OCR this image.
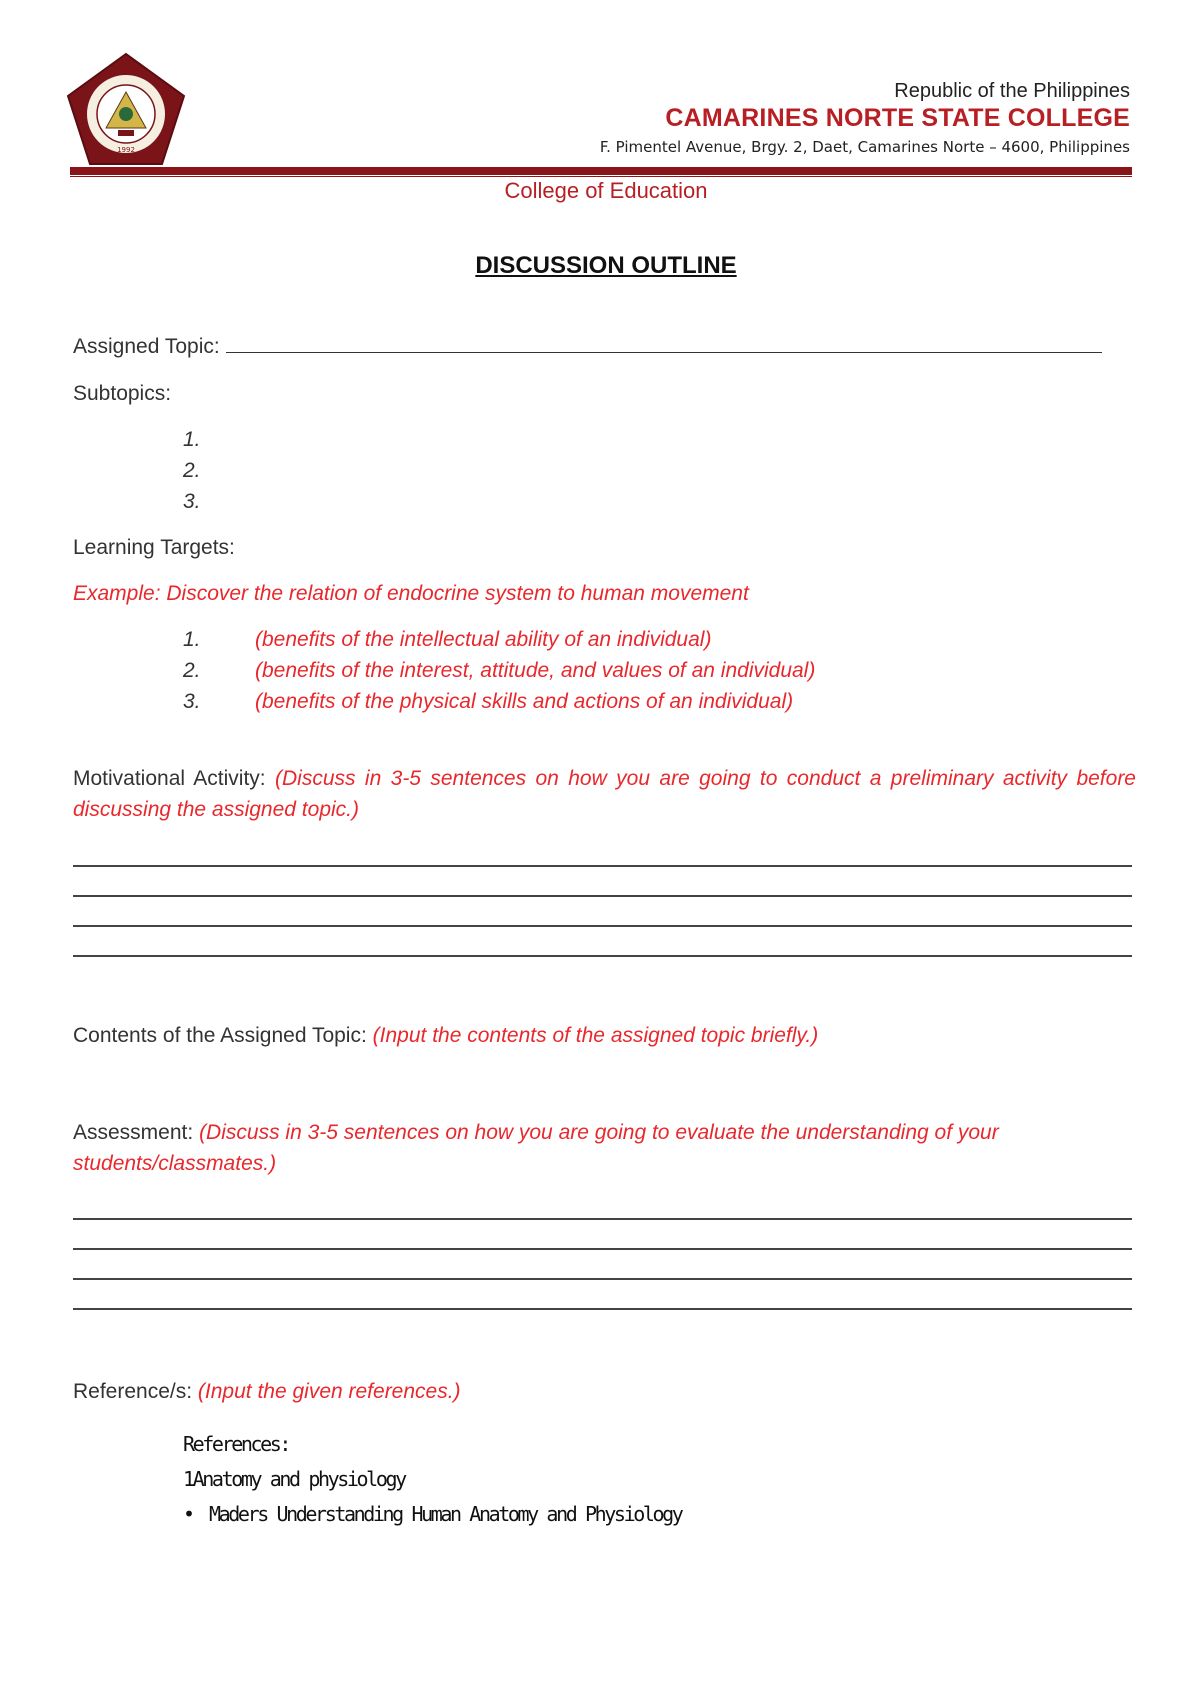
1992
Republic of the Philippines
CAMARINES NORTE STATE COLLEGE
F. Pimentel Avenue, Brgy. 2, Daet, Camarines Norte – 4600, Philippines
College of Education
DISCUSSION OUTLINE
Assigned Topic:
Subtopics:
1.
2.
3.
Learning Targets:
Example: Discover the relation of endocrine system to human movement
1.	(benefits of the intellectual ability of an individual)
2.	(benefits of the interest, attitude, and values of an individual)
3.	(benefits of the physical skills and actions of an individual)
Motivational Activity: (Discuss in 3-5 sentences on how you are going to conduct a preliminary activity before discussing the assigned topic.)
Contents of the Assigned Topic: (Input the contents of the assigned topic briefly.)
Assessment: (Discuss in 3-5 sentences on how you are going to evaluate the understanding of your students/classmates.)
Reference/s: (Input the given references.)
References:
1Anatomy and physiology
• Maders Understanding Human Anatomy and Physiology
